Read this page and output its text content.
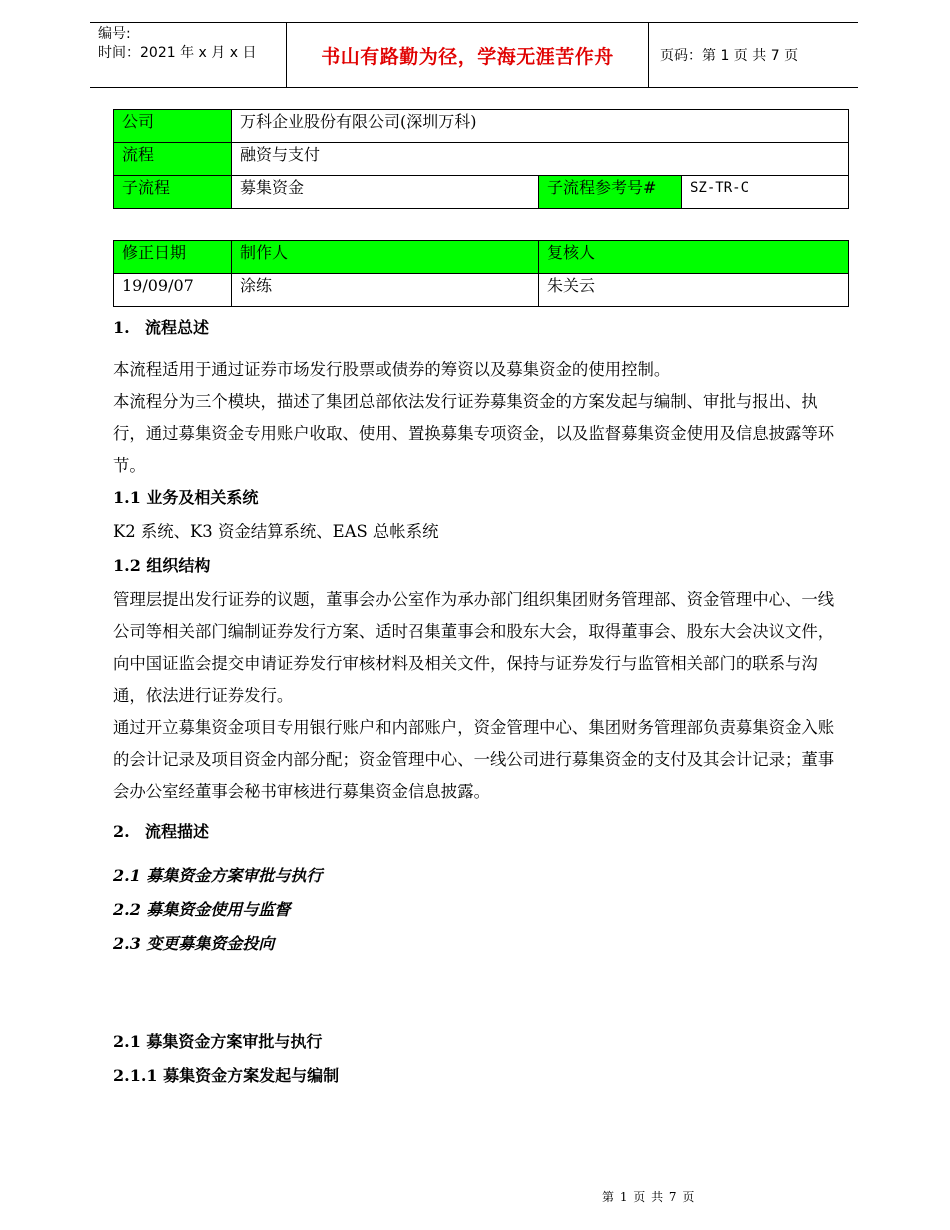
编号:
时间：2021 年 x 月 x 日	书山有路勤为径，学海无涯苦作舟	页码：第 1 页 共 7 页
公司	万科企业股份有限公司(深圳万科)		
流程	融资与支付		
子流程	募集资金	子流程参考号#	SZ-TR-C
修正日期	制作人	复核人
19/09/07	涂练	朱关云
1. 流程总述

本流程适用于通过证券市场发行股票或债券的筹资以及募集资金的使用控制。

本流程分为三个模块，描述了集团总部依法发行证券募集资金的方案发起与编制、审批与报出、执行，通过募集资金专用账户收取、使用、置换募集专项资金，以及监督募集资金使用及信息披露等环节。

1.1 业务及相关系统

K2 系统、K3 资金结算系统、EAS 总帐系统

1.2 组织结构

管理层提出发行证券的议题，董事会办公室作为承办部门组织集团财务管理部、资金管理中心、一线公司等相关部门编制证券发行方案、适时召集董事会和股东大会，取得董事会、股东大会决议文件，向中国证监会提交申请证券发行审核材料及相关文件，保持与证券发行与监管相关部门的联系与沟通，依法进行证券发行。

通过开立募集资金项目专用银行账户和内部账户，资金管理中心、集团财务管理部负责募集资金入账的会计记录及项目资金内部分配；资金管理中心、一线公司进行募集资金的支付及其会计记录；董事会办公室经董事会秘书审核进行募集资金信息披露。

2. 流程描述
2.1 募集资金方案审批与执行
2.2 募集资金使用与监督
2.3 变更募集资金投向
2.1 募集资金方案审批与执行
2.1.1 募集资金方案发起与编制
第 1 页 共 7 页
